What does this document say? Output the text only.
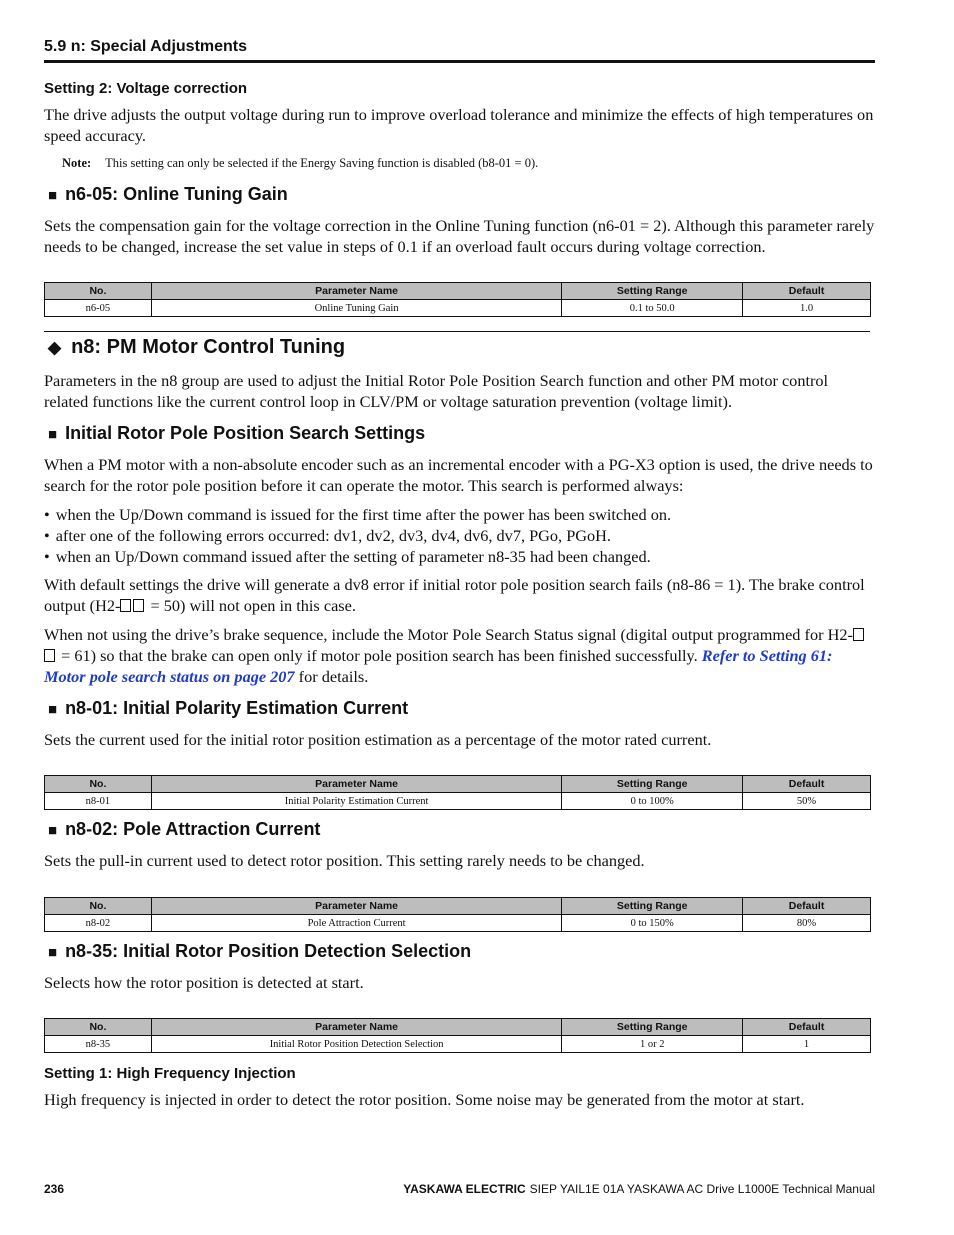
5.9 n: Special Adjustments
Setting 2: Voltage correction
The drive adjusts the output voltage during run to improve overload tolerance and minimize the effects of high temperatures on speed accuracy.
Note: This setting can only be selected if the Energy Saving function is disabled (b8-01 = 0).
■ n6-05: Online Tuning Gain
Sets the compensation gain for the voltage correction in the Online Tuning function (n6-01 = 2). Although this parameter rarely needs to be changed, increase the set value in steps of 0.1 if an overload fault occurs during voltage correction.
No.	Parameter Name	Setting Range	Default
n6-05	Online Tuning Gain	0.1 to 50.0	1.0
◆ n8: PM Motor Control Tuning
Parameters in the n8 group are used to adjust the Initial Rotor Pole Position Search function and other PM motor control related functions like the current control loop in CLV/PM or voltage saturation prevention (voltage limit).
■ Initial Rotor Pole Position Search Settings
When a PM motor with a non-absolute encoder such as an incremental encoder with a PG-X3 option is used, the drive needs to search for the rotor pole position before it can operate the motor. This search is performed always:
• when the Up/Down command is issued for the first time after the power has been switched on.
• after one of the following errors occurred: dv1, dv2, dv3, dv4, dv6, dv7, PGo, PGoH.
• when an Up/Down command issued after the setting of parameter n8-35 had been changed.
With default settings the drive will generate a dv8 error if initial rotor pole position search fails (n8-86 = 1). The brake control output (H2- = 50) will not open in this case.
When not using the drive’s brake sequence, include the Motor Pole Search Status signal (digital output programmed for H2- = 61) so that the brake can open only if motor pole position search has been finished successfully. Refer to Setting 61: Motor pole search status on page 207 for details.
■ n8-01: Initial Polarity Estimation Current
Sets the current used for the initial rotor position estimation as a percentage of the motor rated current.
No.	Parameter Name	Setting Range	Default
n8-01	Initial Polarity Estimation Current	0 to 100%	50%
■ n8-02: Pole Attraction Current
Sets the pull-in current used to detect rotor position. This setting rarely needs to be changed.
No.	Parameter Name	Setting Range	Default
n8-02	Pole Attraction Current	0 to 150%	80%
■ n8-35: Initial Rotor Position Detection Selection
Selects how the rotor position is detected at start.
No.	Parameter Name	Setting Range	Default
n8-35	Initial Rotor Position Detection Selection	1 or 2	1
Setting 1: High Frequency Injection
High frequency is injected in order to detect the rotor position. Some noise may be generated from the motor at start.
236	YASKAWA ELECTRIC SIEP YAIL1E 01A YASKAWA AC Drive L1000E Technical Manual
